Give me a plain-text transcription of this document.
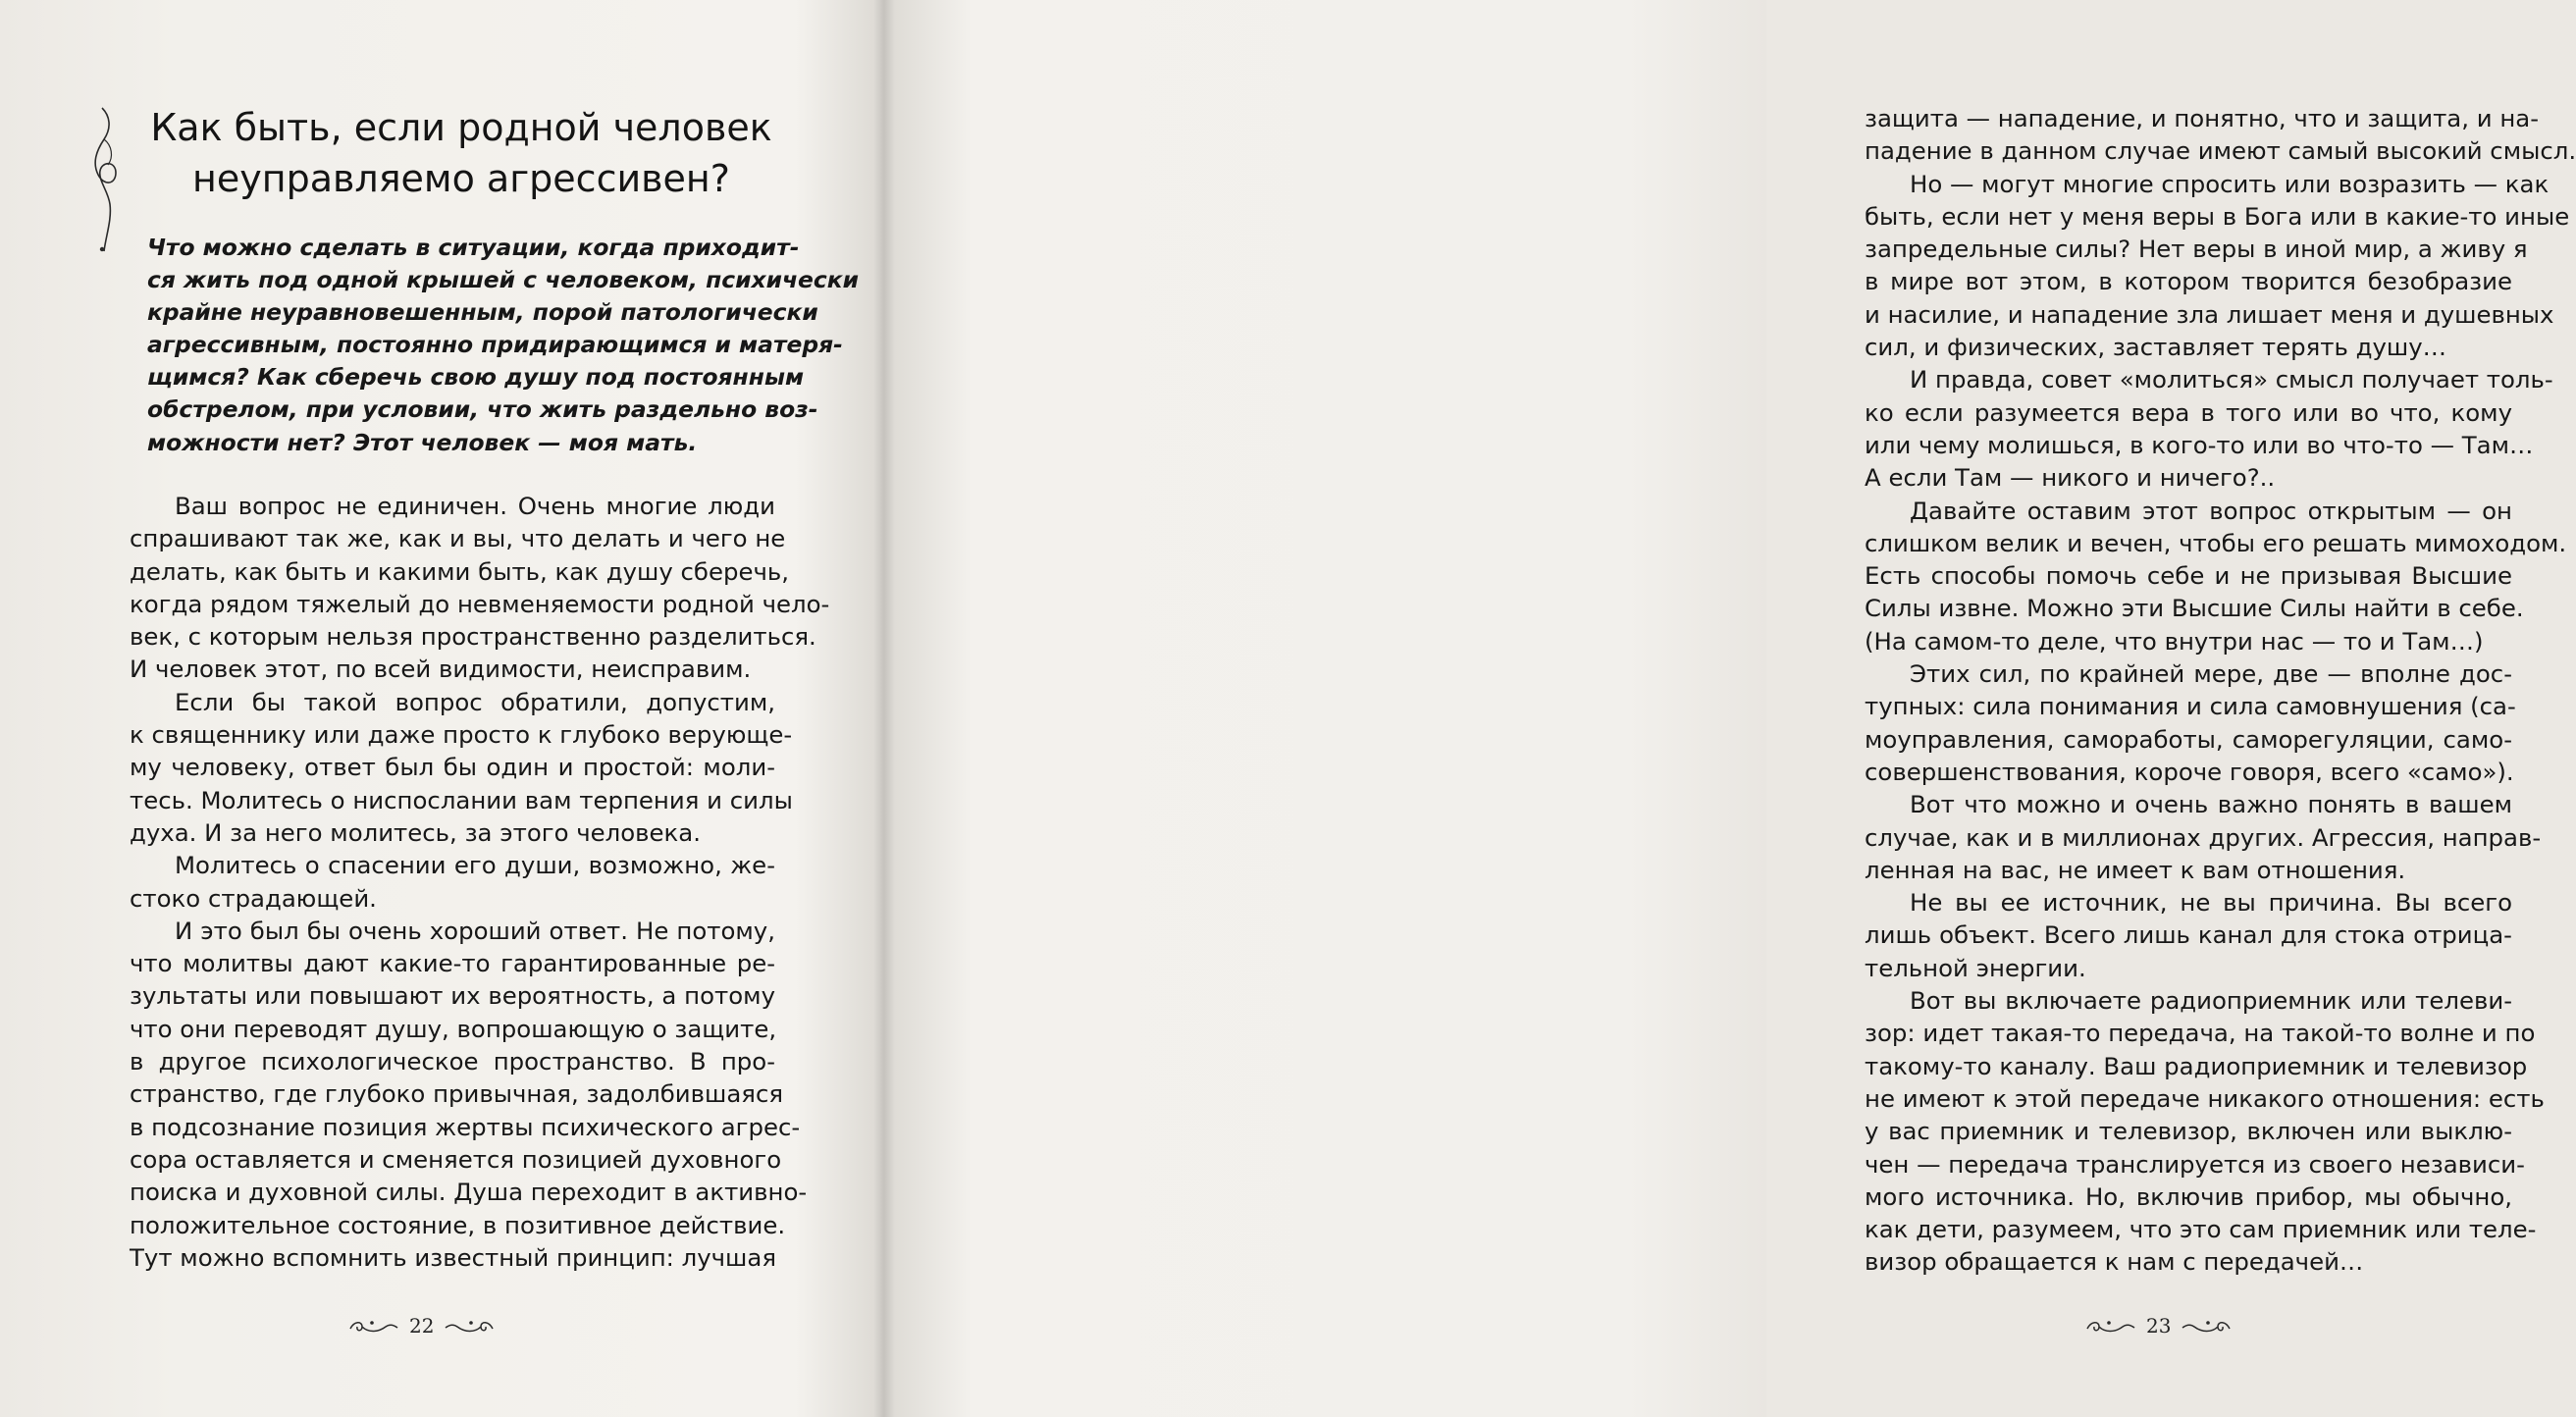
Как быть, если родной человек
неуправляемо агрессивен?
Что можно сделать в ситуации, когда приходит-
ся жить под одной крышей с человеком, психически
крайне неуравновешенным, порой патологически
агрессивным, постоянно придирающимся и матеря-
щимся? Как сберечь свою душу под постоянным
обстрелом, при условии, что жить раздельно воз-
можности нет? Этот человек — моя мать.
Ваш вопрос не единичен. Очень многие люди
спрашивают так же, как и вы, что делать и чего не
делать, как быть и какими быть, как душу сберечь,
когда рядом тяжелый до невменяемости родной чело-
век, с которым нельзя пространственно разделиться.
И человек этот, по всей видимости, неисправим.
Если бы такой вопрос обратили, допустим,
к священнику или даже просто к глубоко верующе-
му человеку, ответ был бы один и простой: моли-
тесь. Молитесь о ниспослании вам терпения и силы
духа. И за него молитесь, за этого человека.
Молитесь о спасении его души, возможно, же-
стоко страдающей.
И это был бы очень хороший ответ. Не потому,
что молитвы дают какие-то гарантированные ре-
зультаты или повышают их вероятность, а потому
что они переводят душу, вопрошающую о защите,
в другое психологическое пространство. В про-
странство, где глубоко привычная, задолбившаяся
в подсознание позиция жертвы психического агрес-
сора оставляется и сменяется позицией духовного
поиска и духовной силы. Душа переходит в активно-
положительное состояние, в позитивное действие.
Тут можно вспомнить известный принцип: лучшая
22
защита — нападение, и понятно, что и защита, и на-
падение в данном случае имеют самый высокий смысл.
Но — могут многие спросить или возразить — как
быть, если нет у меня веры в Бога или в какие-то иные
запредельные силы? Нет веры в иной мир, а живу я
в мире вот этом, в котором творится безобразие
и насилие, и нападение зла лишает меня и душевных
сил, и физических, заставляет терять душу…
И правда, совет «молиться» смысл получает толь-
ко если разумеется вера в того или во что, кому
или чему молишься, в кого-то или во что-то — Там…
А если Там — никого и ничего?..
Давайте оставим этот вопрос открытым — он
слишком велик и вечен, чтобы его решать мимоходом.
Есть способы помочь себе и не призывая Высшие
Силы извне. Можно эти Высшие Силы найти в себе.
(На самом-то деле, что внутри нас — то и Там…)
Этих сил, по крайней мере, две — вполне дос-
тупных: сила понимания и сила самовнушения (са-
моуправления, самоработы, саморегуляции, само-
совершенствования, короче говоря, всего «само»).
Вот что можно и очень важно понять в вашем
случае, как и в миллионах других. Агрессия, направ-
ленная на вас, не имеет к вам отношения.
Не вы ее источник, не вы причина. Вы всего
лишь объект. Всего лишь канал для стока отрица-
тельной энергии.
Вот вы включаете радиоприемник или телеви-
зор: идет такая-то передача, на такой-то волне и по
такому-то каналу. Ваш радиоприемник и телевизор
не имеют к этой передаче никакого отношения: есть
у вас приемник и телевизор, включен или выклю-
чен — передача транслируется из своего независи-
мого источника. Но, включив прибор, мы обычно,
как дети, разумеем, что это сам приемник или теле-
визор обращается к нам с передачей…
23
